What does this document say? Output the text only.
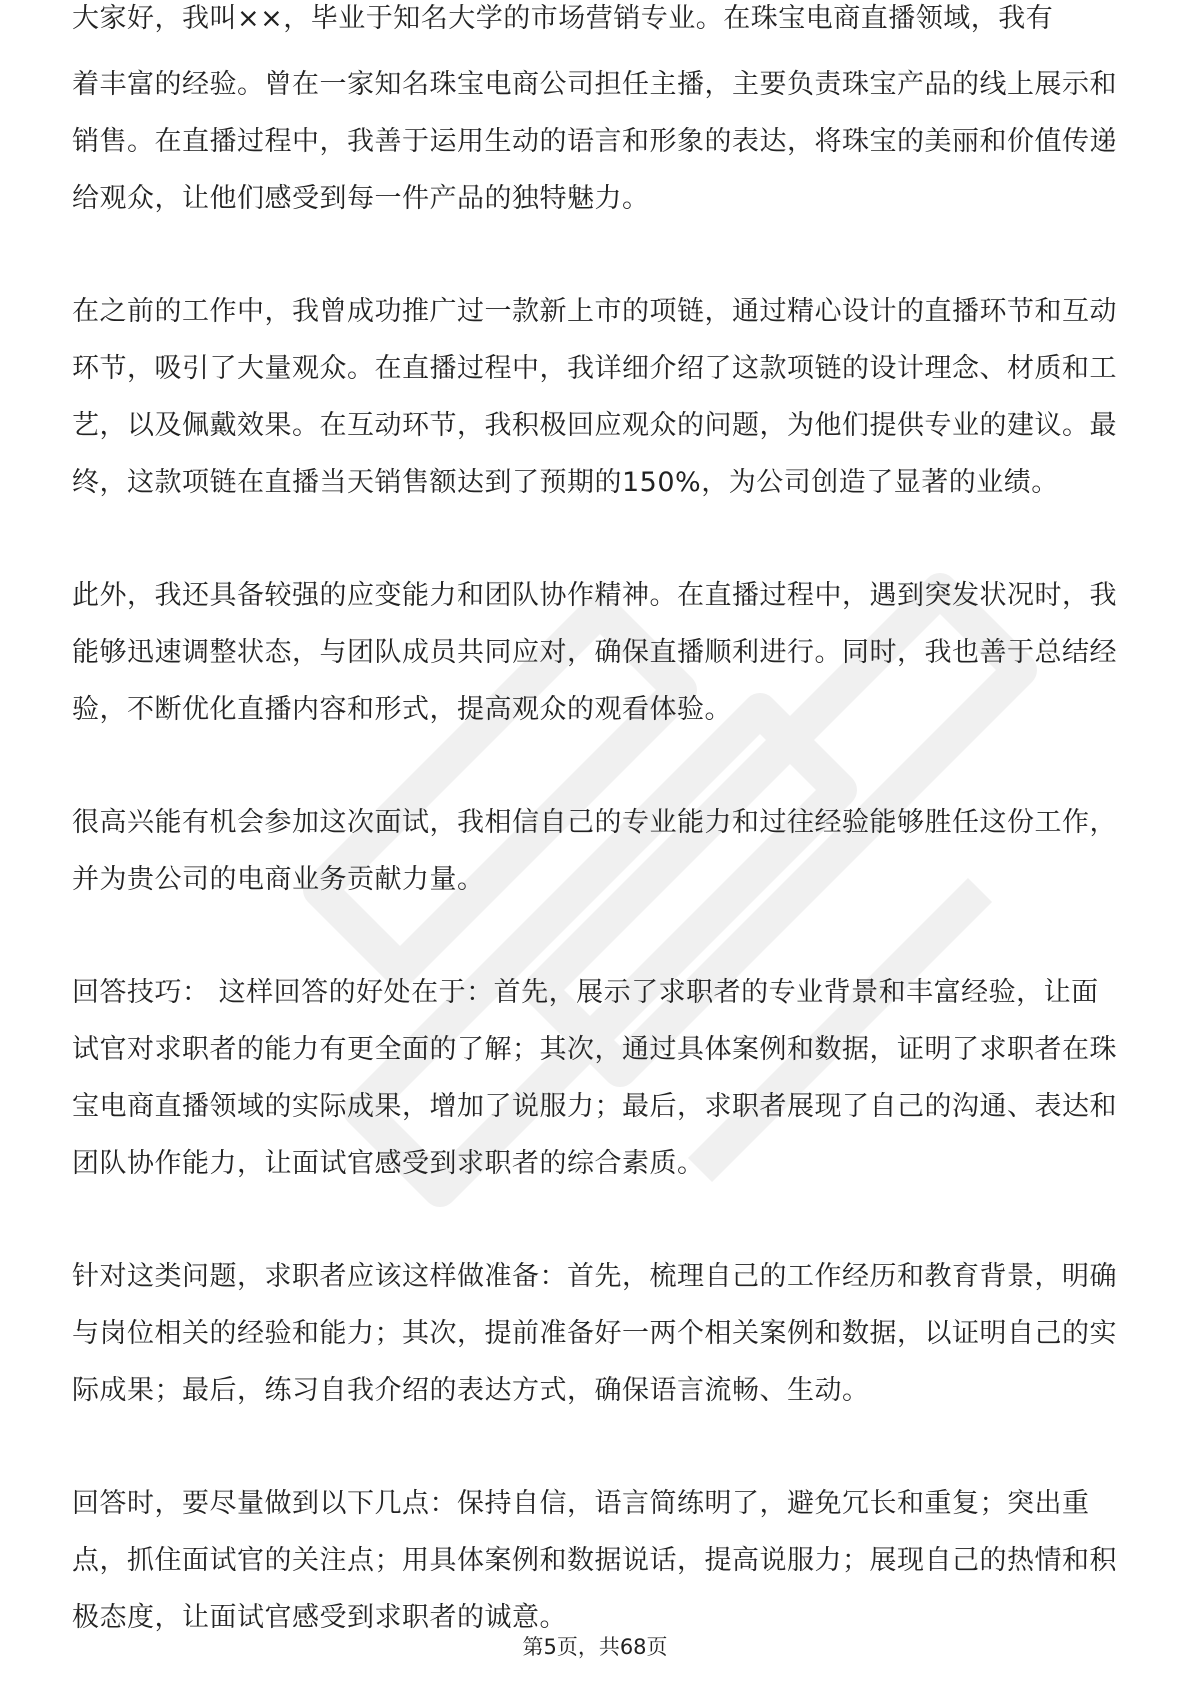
大家好，我叫××，毕业于知名大学的市场营销专业。在珠宝电商直播领域，我有

着丰富的经验。曾在一家知名珠宝电商公司担任主播，主要负责珠宝产品的线上展示和销售。在直播过程中，我善于运用生动的语言和形象的表达，将珠宝的美丽和价值传递给观众，让他们感受到每一件产品的独特魅力。

在之前的工作中，我曾成功推广过一款新上市的项链，通过精心设计的直播环节和互动环节，吸引了大量观众。在直播过程中，我详细介绍了这款项链的设计理念、材质和工艺，以及佩戴效果。在互动环节，我积极回应观众的问题，为他们提供专业的建议。最终，这款项链在直播当天销售额达到了预期的150%，为公司创造了显著的业绩。

此外，我还具备较强的应变能力和团队协作精神。在直播过程中，遇到突发状况时，我能够迅速调整状态，与团队成员共同应对，确保直播顺利进行。同时，我也善于总结经验，不断优化直播内容和形式，提高观众的观看体验。

很高兴能有机会参加这次面试，我相信自己的专业能力和过往经验能够胜任这份工作，并为贵公司的电商业务贡献力量。

回答技巧： 这样回答的好处在于：首先，展示了求职者的专业背景和丰富经验，让面试官对求职者的能力有更全面的了解；其次，通过具体案例和数据，证明了求职者在珠宝电商直播领域的实际成果，增加了说服力；最后，求职者展现了自己的沟通、表达和团队协作能力，让面试官感受到求职者的综合素质。

针对这类问题，求职者应该这样做准备：首先，梳理自己的工作经历和教育背景，明确与岗位相关的经验和能力；其次，提前准备好一两个相关案例和数据，以证明自己的实际成果；最后，练习自我介绍的表达方式，确保语言流畅、生动。

回答时，要尽量做到以下几点：保持自信，语言简练明了，避免冗长和重复；突出重点，抓住面试官的关注点；用具体案例和数据说话，提高说服力；展现自己的热情和积极态度，让面试官感受到求职者的诚意。

第5页，共68页
